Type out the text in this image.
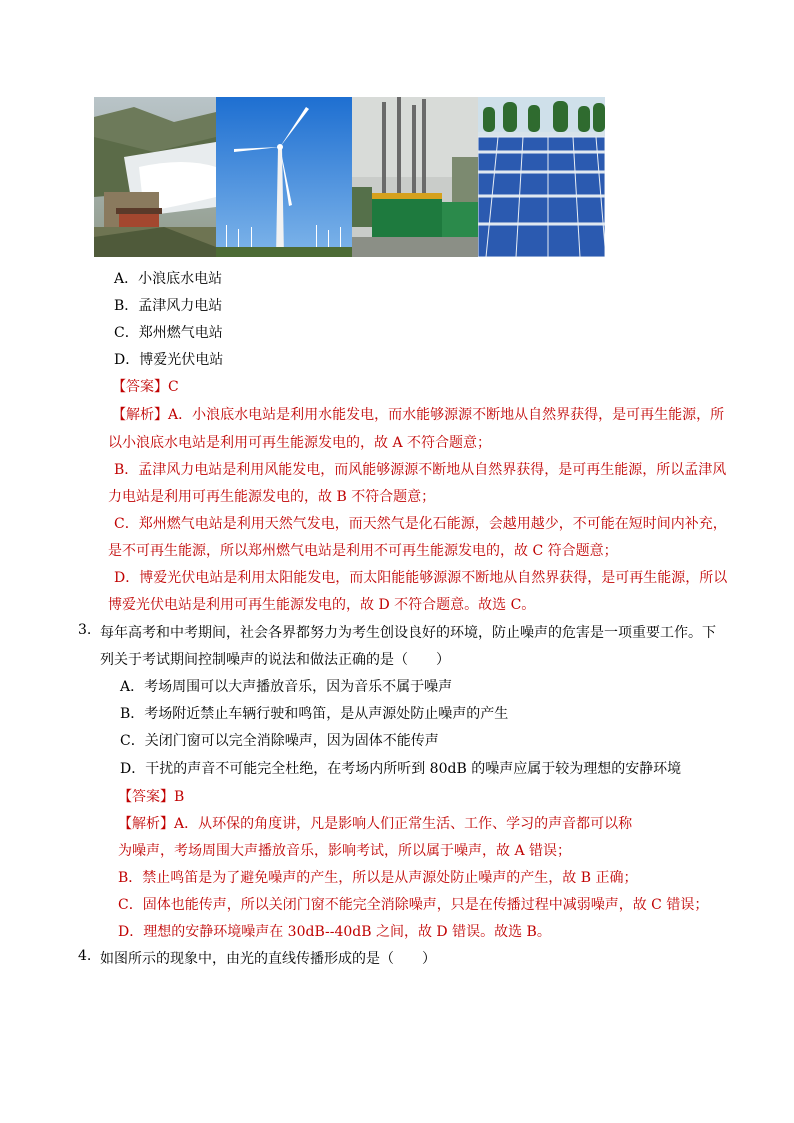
A．小浪底水电站
B．孟津风力电站
C．郑州燃气电站
D．博爱光伏电站
【答案】C
【解析】A．小浪底水电站是利用水能发电，而水能够源源不断地从自然界获得，是可再生能源，所
以小浪底水电站是利用可再生能源发电的，故 A 不符合题意；
B．孟津风力电站是利用风能发电，而风能够源源不断地从自然界获得，是可再生能源，所以孟津风
力电站是利用可再生能源发电的，故 B 不符合题意；
C．郑州燃气电站是利用天然气发电，而天然气是化石能源，会越用越少，不可能在短时间内补充，
是不可再生能源，所以郑州燃气电站是利用不可再生能源发电的，故 C 符合题意；
D．博爱光伏电站是利用太阳能发电，而太阳能能够源源不断地从自然界获得，是可再生能源，所以
博爱光伏电站是利用可再生能源发电的，故 D 不符合题意。故选 C。
3. 每年高考和中考期间，社会各界都努力为考生创设良好的环境，防止噪声的危害是一项重要工作。下
列关于考试期间控制噪声的说法和做法正确的是（　　）
A．考场周围可以大声播放音乐，因为音乐不属于噪声
B．考场附近禁止车辆行驶和鸣笛，是从声源处防止噪声的产生
C．关闭门窗可以完全消除噪声，因为固体不能传声
D．干扰的声音不可能完全杜绝，在考场内所听到 80dB 的噪声应属于较为理想的安静环境
【答案】B
【解析】A．从环保的角度讲，凡是影响人们正常生活、工作、学习的声音都可以称
为噪声，考场周围大声播放音乐，影响考试，所以属于噪声，故 A 错误；
B．禁止鸣笛是为了避免噪声的产生，所以是从声源处防止噪声的产生，故 B 正确；
C．固体也能传声，所以关闭门窗不能完全消除噪声，只是在传播过程中减弱噪声，故 C 错误；
D．理想的安静环境噪声在 30dB--40dB 之间，故 D 错误。故选 B。
4. 如图所示的现象中，由光的直线传播形成的是（　　）
